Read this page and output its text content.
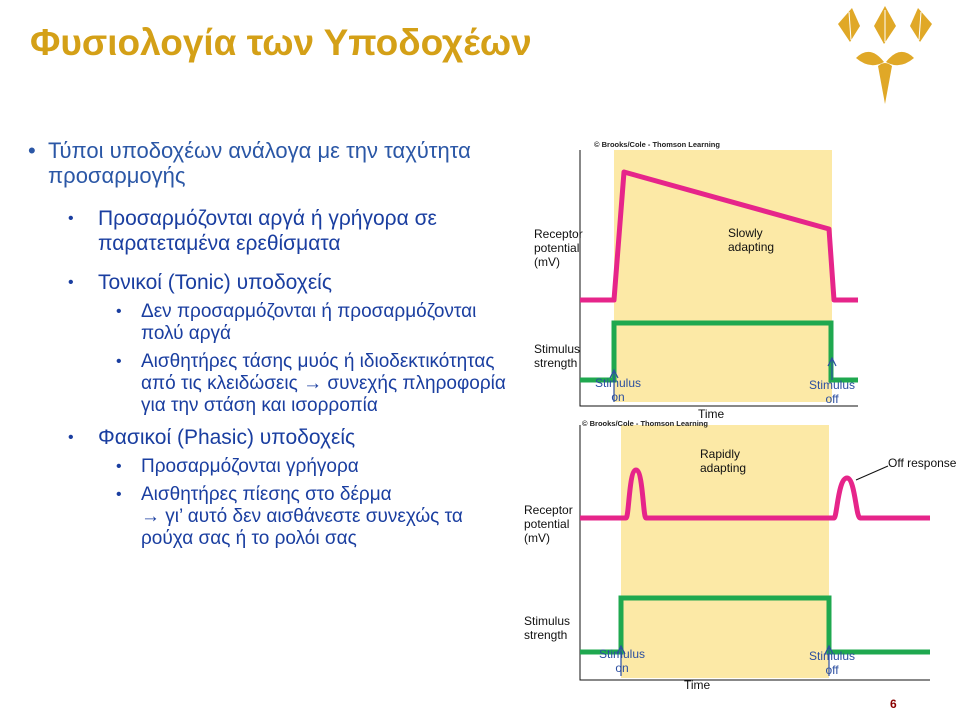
Φυσιολογία των Υποδοχέων
• Τύποι υποδοχέων ανάλογα με την ταχύτητα προσαρμογής
• Προσαρμόζονται αργά ή γρήγορα σε παρατεταμένα ερεθίσματα
• Τονικοί (Tonic) υποδοχείς
• Δεν προσαρμόζονται ή προσαρμόζονται πολύ αργά
• Αισθητήρες τάσης μυός ή ιδιοδεκτικότητας από τις κλειδώσεις → συνεχής πληροφορία για την στάση και ισορροπία
• Φασικοί (Phasic) υποδοχείς
• Προσαρμόζονται γρήγορα
• Αισθητήρες πίεσης στο δέρμα
→ γι’ αυτό δεν αισθάνεστε συνεχώς τα ρούχα σας ή το ρολόι σας
© Brooks/Cole - Thomson Learning
© Brooks/Cole - Thomson Learning
Receptor
potential
(mV)
Stimulus
strength
Slowly
adapting
Stimulus
on
Stimulus
off
Time
Rapidly
adapting	Off response
Receptor
potential
(mV)
Stimulus
strength
Stimulus
on
Stimulus
off
Time
6
